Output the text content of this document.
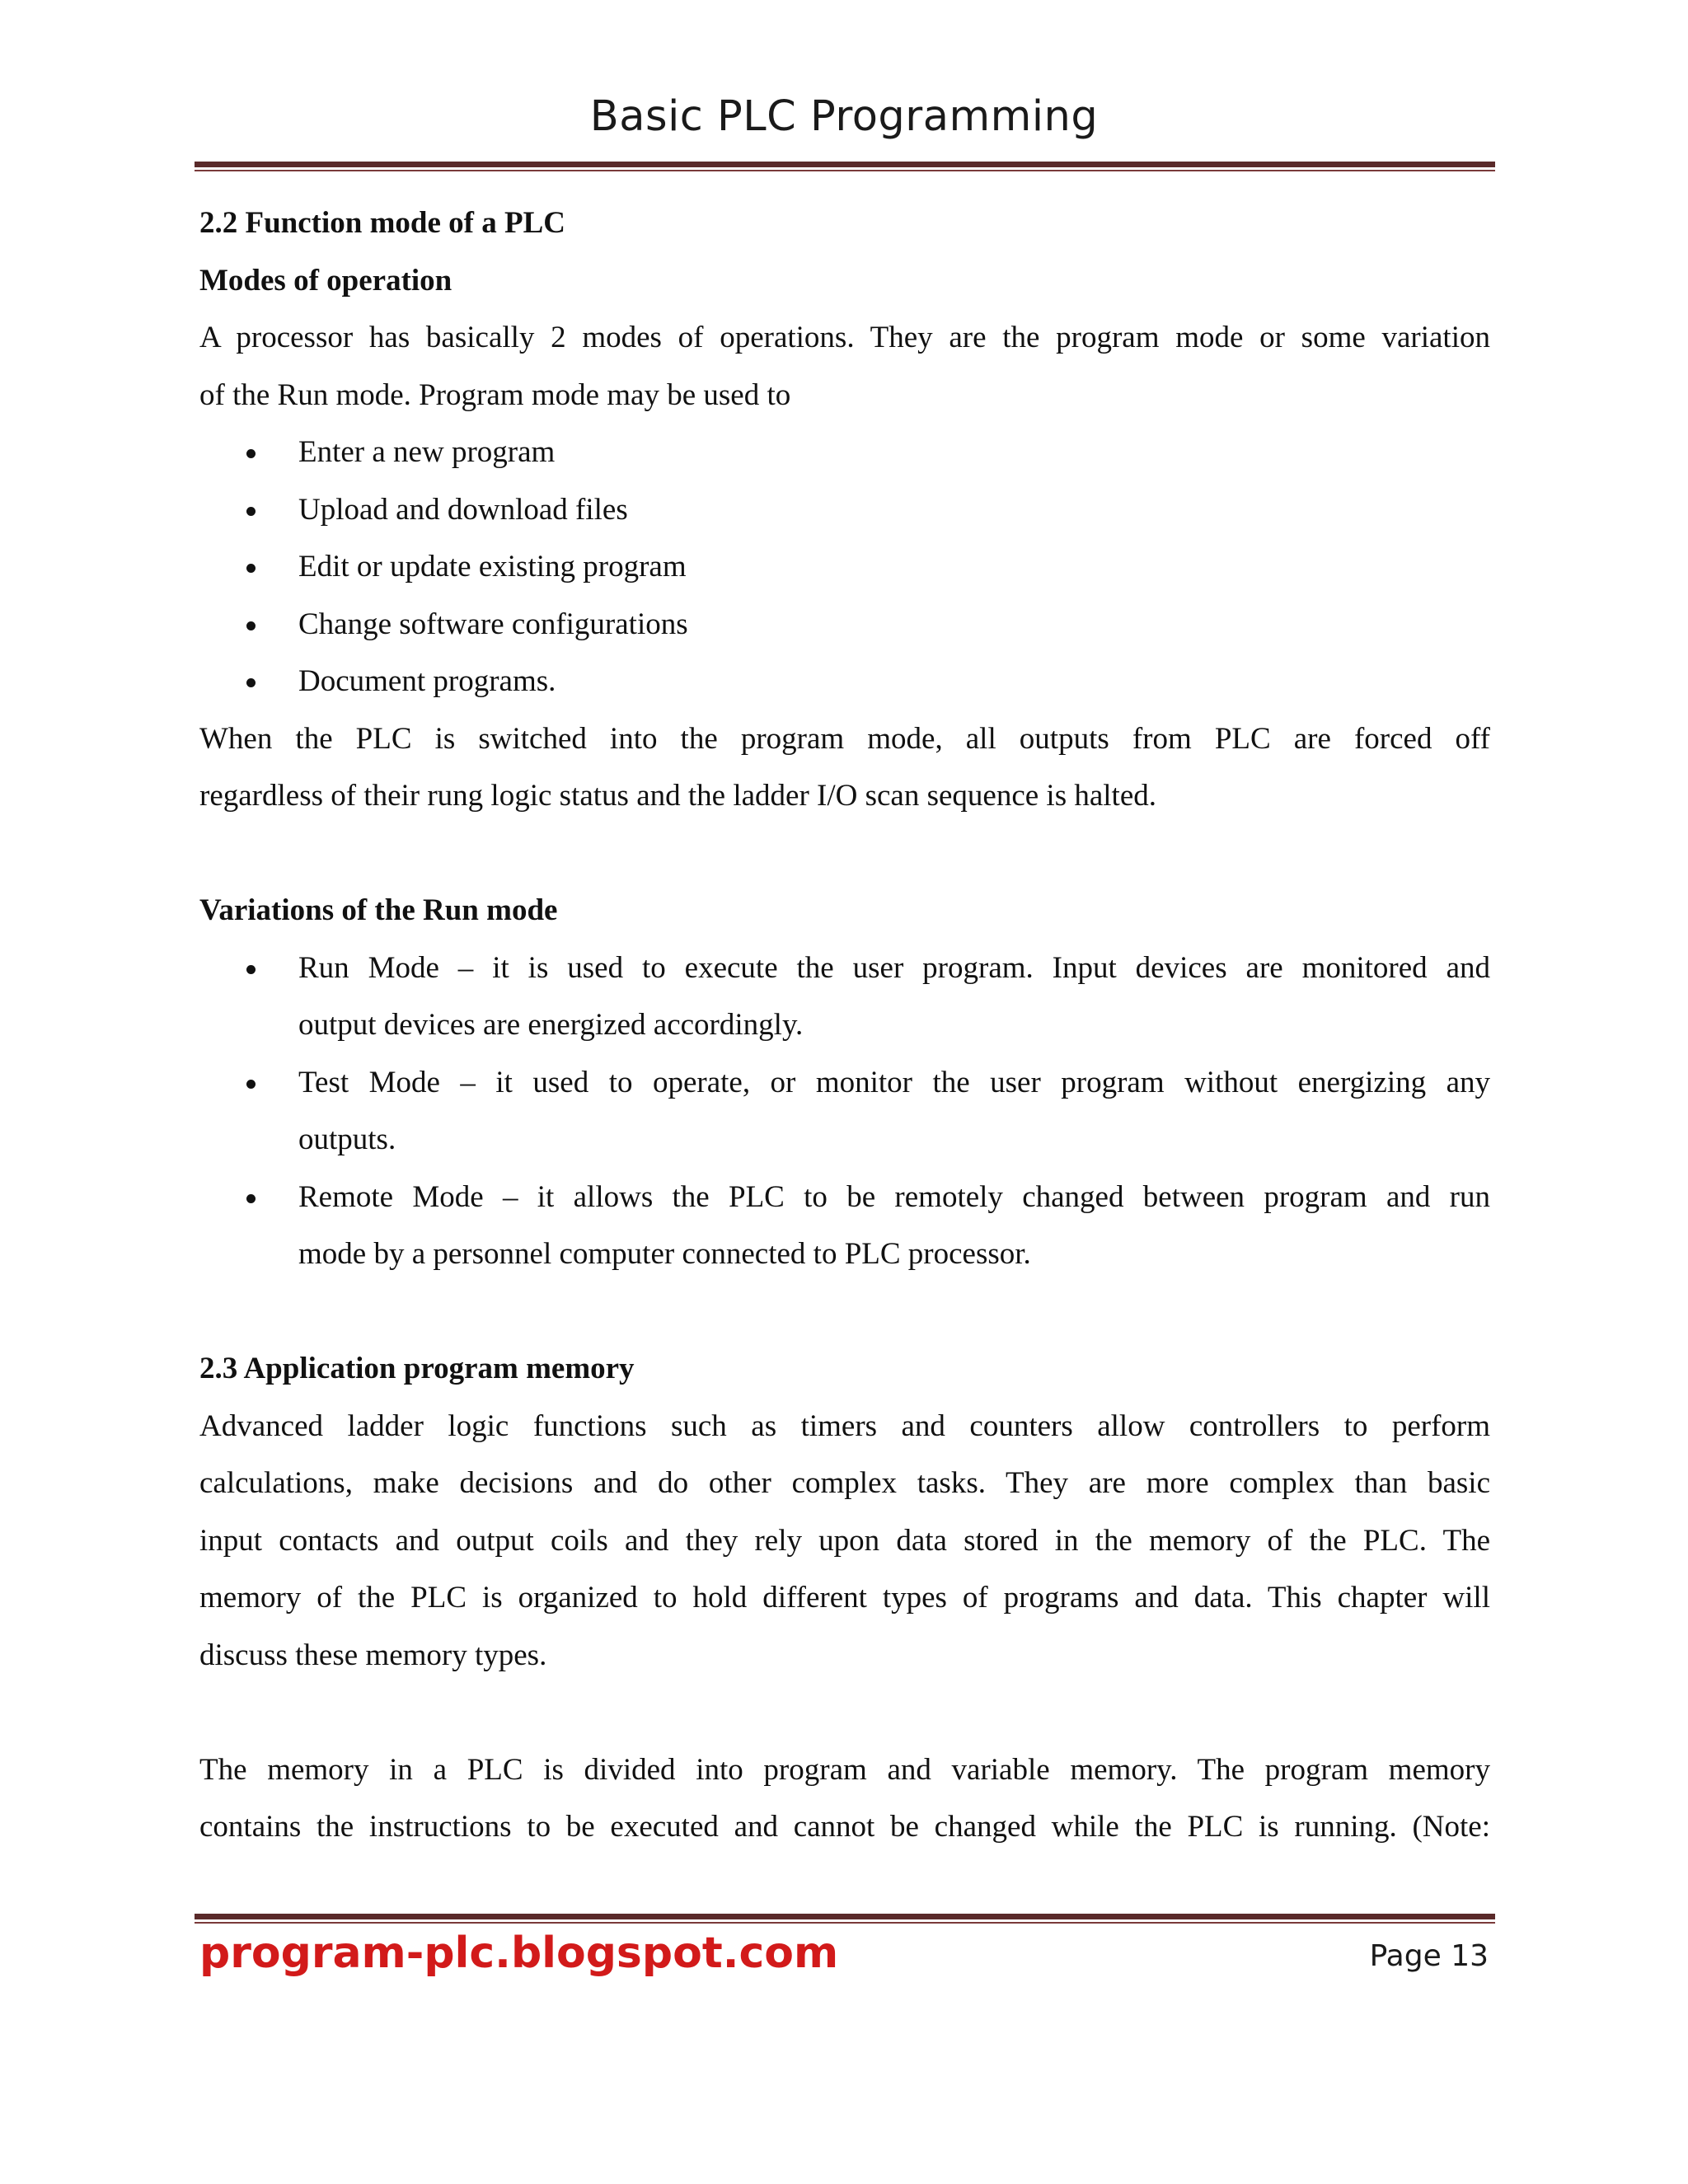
Basic PLC Programming
2.2 Function mode of a PLC
Modes of operation
A processor has basically 2 modes of operations. They are the program mode or some variation
of the Run mode. Program mode may be used to
Enter a new program
Upload and download files
Edit or update existing program
Change software configurations
Document programs.
When the PLC is switched into the program mode, all outputs from PLC are forced off
regardless of their rung logic status and the ladder I/O scan sequence is halted.
Variations of the Run mode
Run Mode – it is used to execute the user program. Input devices are monitored and
output devices are energized accordingly.
Test Mode – it used to operate, or monitor the user program without energizing any
outputs.
Remote Mode – it allows the PLC to be remotely changed between program and run
mode by a personnel computer connected to PLC processor.
2.3 Application program memory
Advanced ladder logic functions such as timers and counters allow controllers to perform
calculations, make decisions and do other complex tasks. They are more complex than basic
input contacts and output coils and they rely upon data stored in the memory of the PLC. The
memory of the PLC is organized to hold different types of programs and data. This chapter will
discuss these memory types.
The memory in a PLC is divided into program and variable memory. The program memory
contains the instructions to be executed and cannot be changed while the PLC is running. (Note:
program-plc.blogspot.com	Page 13
